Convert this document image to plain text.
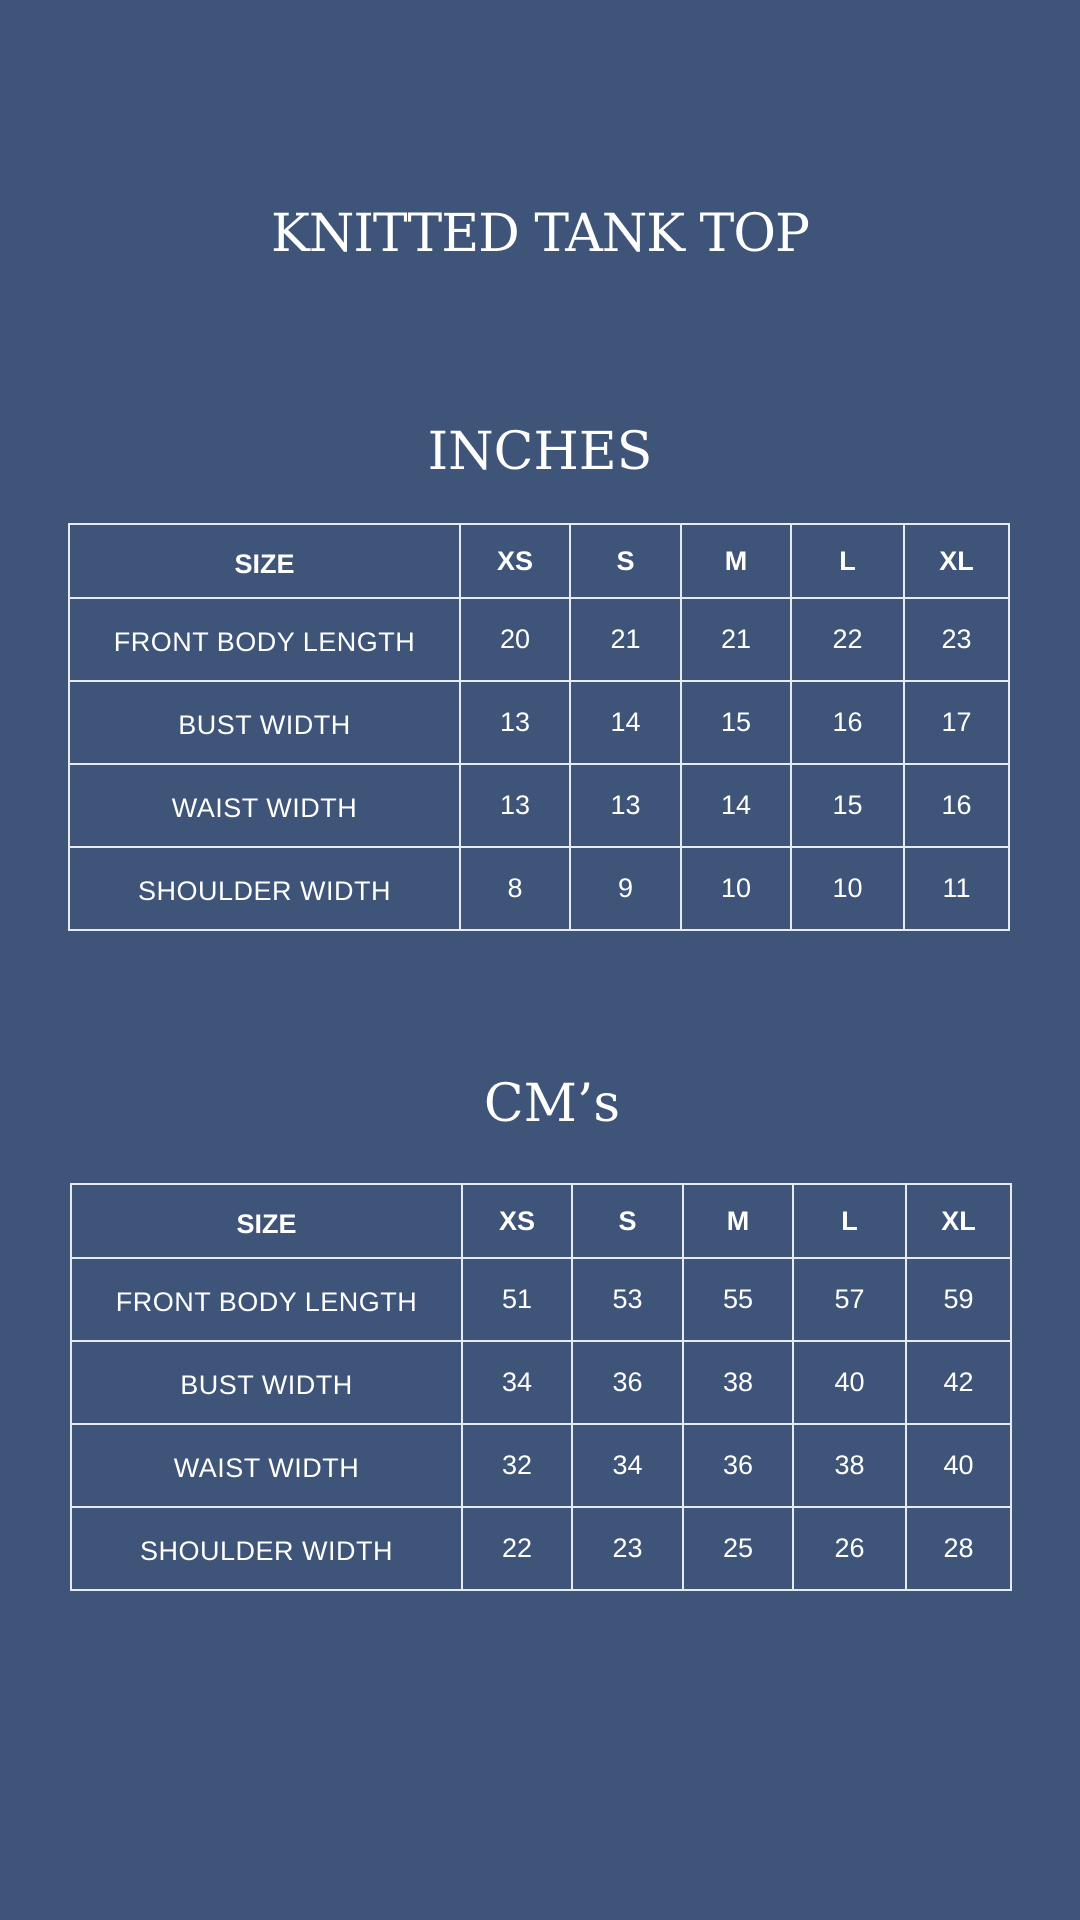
KNITTED TANK TOP
INCHES
SIZE	XS	S	M	L	XL
FRONT BODY LENGTH	20	21	21	22	23
BUST WIDTH	13	14	15	16	17
WAIST WIDTH	13	13	14	15	16
SHOULDER WIDTH	8	9	10	10	11
CM’s
SIZE	XS	S	M	L	XL
FRONT BODY LENGTH	51	53	55	57	59
BUST WIDTH	34	36	38	40	42
WAIST WIDTH	32	34	36	38	40
SHOULDER WIDTH	22	23	25	26	28
